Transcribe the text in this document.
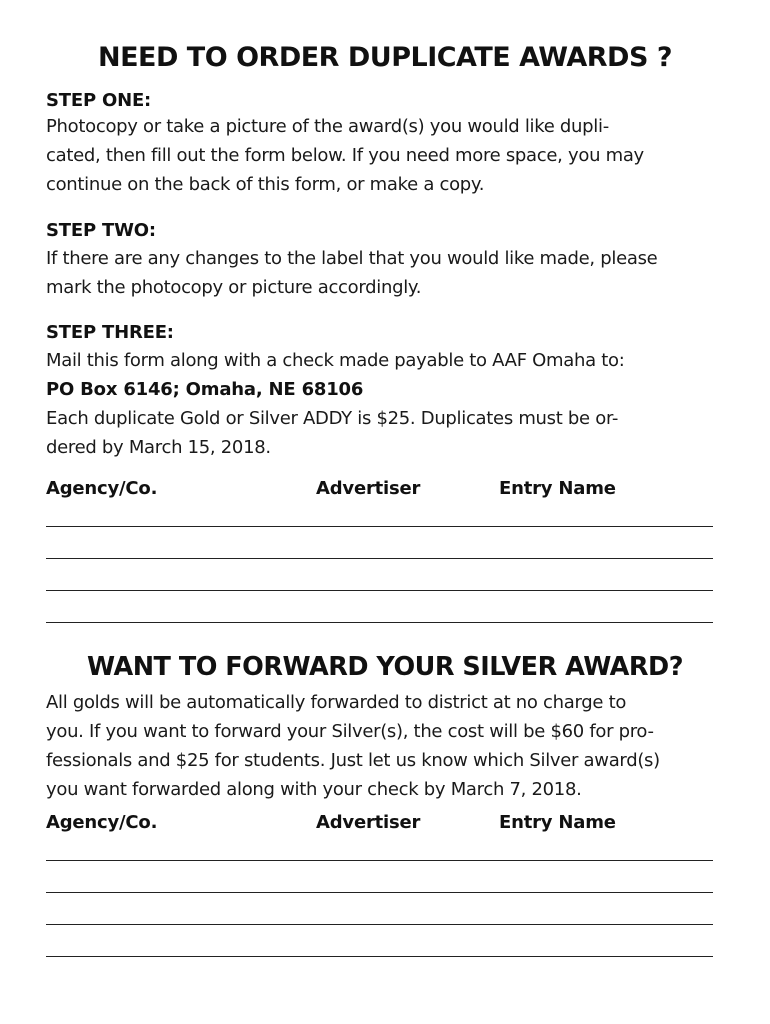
NEED TO ORDER DUPLICATE AWARDS ?
STEP ONE:
Photocopy or take a picture of the award(s) you would like dupli-
cated, then fill out the form below. If you need more space, you may
continue on the back of this form, or make a copy.
STEP TWO:
If there are any changes to the label that you would like made, please
mark the photocopy or picture accordingly.
STEP THREE:
Mail this form along with a check made payable to AAF Omaha to:
PO Box 6146; Omaha, NE 68106
Each duplicate Gold or Silver ADDY is $25. Duplicates must be or-
dered by March 15, 2018.
Agency/Co.	Advertiser	Entry Name
WANT TO FORWARD YOUR SILVER AWARD?
All golds will be automatically forwarded to district at no charge to
you. If you want to forward your Silver(s), the cost will be $60 for pro-
fessionals and $25 for students. Just let us know which Silver award(s)
you want forwarded along with your check by March 7, 2018.
Agency/Co.	Advertiser	Entry Name
